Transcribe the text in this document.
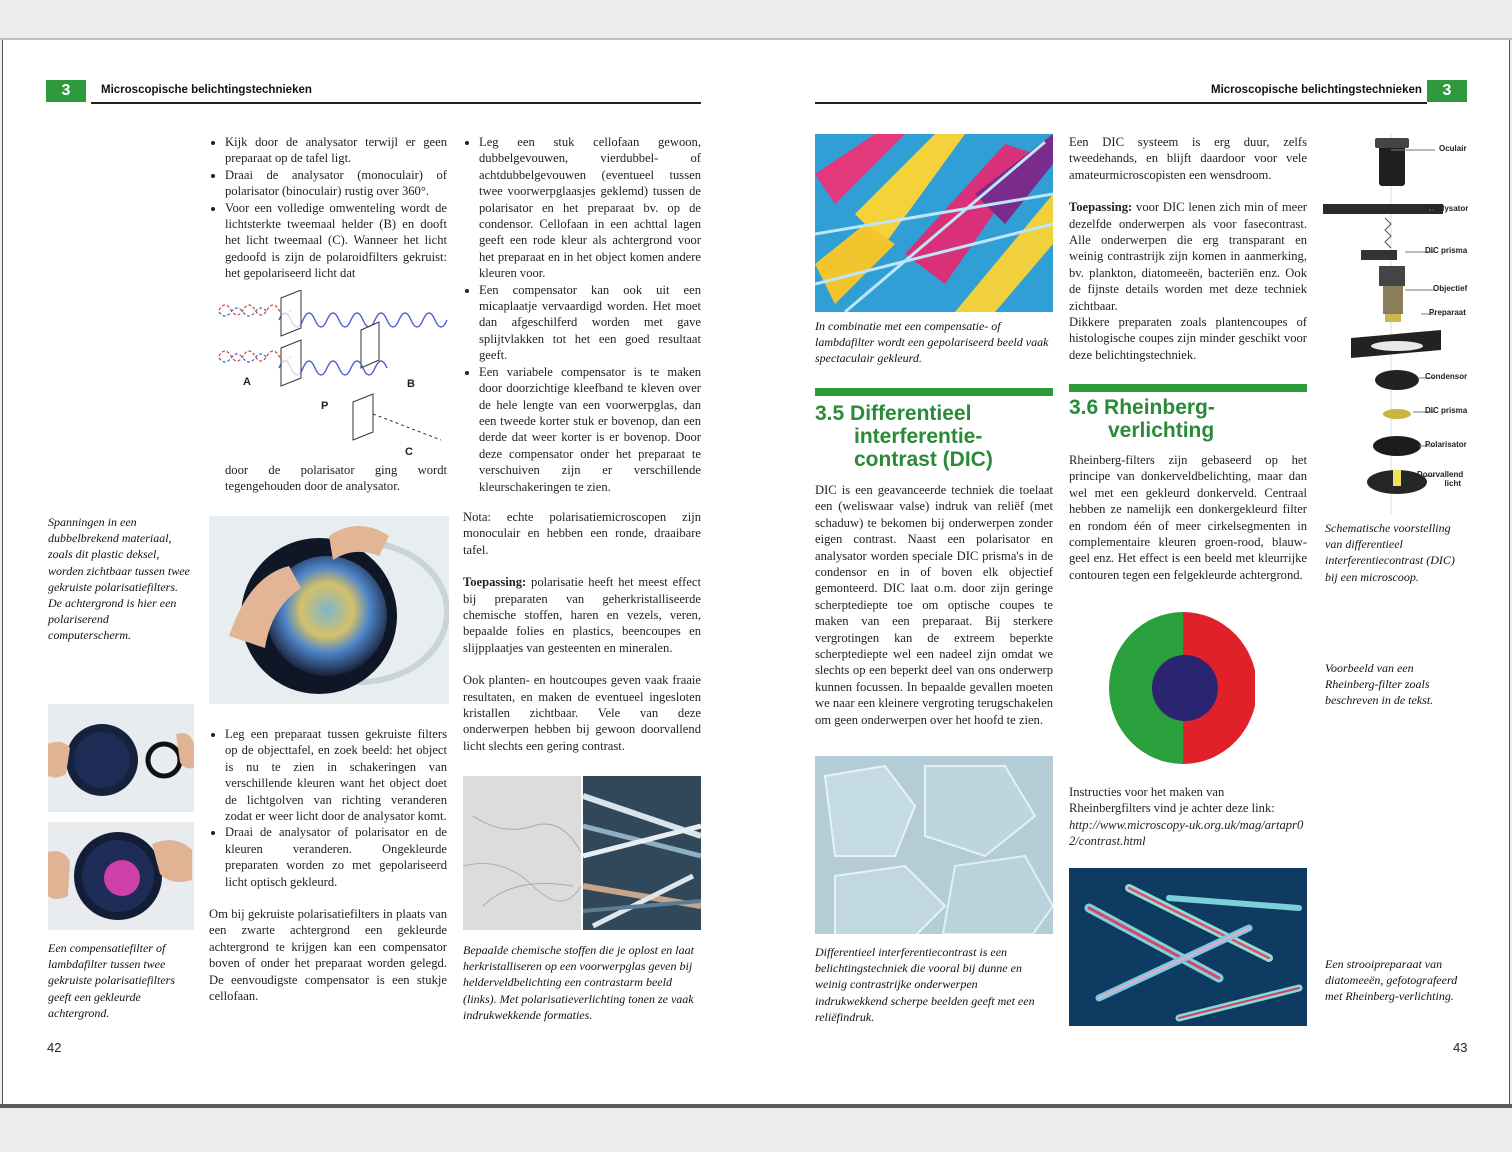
3	Microscopische belichtingstechnieken
• Kijk door de analysator terwijl er geen preparaat op de tafel ligt.
• Draai de analysator (monoculair) of polarisator (binoculair) rustig over 360°.
• Voor een volledige omwenteling wordt de lichtsterkte tweemaal helder (B) en dooft het licht tweemaal (C). Wanneer het licht gedoofd is zijn de polaroidfilters gekruist: het gepolariseerd licht dat
A
P
B
C
door de polarisator ging wordt tegengehouden door de analysator.
Spanningen in een dubbelbrekend materiaal, zoals dit plastic deksel, worden zichtbaar tussen twee gekruiste polarisatiefilters. De achtergrond is hier een polariserend computerscherm.
Een compensatiefilter of lambdafilter tussen twee gekruiste polarisatiefilters geeft een gekleurde achtergrond.
• Leg een preparaat tussen gekruiste filters op de objecttafel, en zoek beeld: het object is nu te zien in schakeringen van verschillende kleuren want het object doet de lichtgolven van richting veranderen zodat er weer licht door de analysator komt.
• Draai de analysator of polarisator en de kleuren veranderen. Ongekleurde preparaten worden zo met gepolariseerd licht optisch gekleurd.

Om bij gekruiste polarisatiefilters in plaats van een zwarte achtergrond een gekleurde achtergrond te krijgen kan een compensator boven of onder het preparaat worden gelegd. De eenvoudigste compensator is een stukje cellofaan.

• Leg een stuk cellofaan gewoon, dubbelgevouwen, vierdubbel- of achtdubbelgevouwen (eventueel tussen twee voorwerpglaasjes geklemd) tussen de polarisator en het preparaat bv. op de condensor. Cellofaan in een achttal lagen geeft een rode kleur als achtergrond voor het preparaat en in het object komen andere kleuren voor.
• Een compensator kan ook uit een micaplaatje vervaardigd worden. Het moet dan afgeschilferd worden met gave splijtvlakken tot het een goed resultaat geeft.
• Een variabele compensator is te maken door doorzichtige kleefband te kleven over de hele lengte van een voorwerpglas, dan een tweede korter stuk er bovenop, dan een derde dat weer korter is er bovenop. Door deze compensator onder het preparaat te verschuiven zijn er verschillende kleurschakeringen te zien.

Nota: echte polarisatiemicroscopen zijn monoculair en hebben een ronde, draaibare tafel.

Toepassing: polarisatie heeft het meest effect bij preparaten van geherkristalliseerde chemische stoffen, haren en vezels, veren, bepaalde folies en plastics, beencoupes en slijpplaatjes van gesteenten en mineralen.

Ook planten- en houtcoupes geven vaak fraaie resultaten, en maken de eventueel ingesloten kristallen zichtbaar. Vele van deze onderwerpen hebben bij gewoon doorvallend licht slechts een gering contrast.

Bepaalde chemische stoffen die je oplost en laat herkristalliseren op een voorwerpglas geven bij helderveldbelichting een contrastarm beeld (links). Met polarisatieverlichting tonen ze vaak indrukwekkende formaties.
42
Microscopische belichtingstechnieken	3
In combinatie met een compensatie- of lambdafilter wordt een gepolariseerd beeld vaak spectaculair gekleurd.
3.5 Differentieel
interferentie-
contrast (DIC)
DIC is een geavanceerde techniek die toelaat een (weliswaar valse) indruk van reliëf (met schaduw) te bekomen bij onderwerpen zonder eigen contrast. Naast een polarisator en analysator worden speciale DIC prisma's in de condensor en in of boven elk objectief gemonteerd. DIC laat o.m. door zijn geringe scherptediepte toe om optische coupes te maken van een preparaat. Bij sterkere vergrotingen kan de extreem beperkte scherptediepte wel een nadeel zijn omdat we slechts op een beperkt deel van ons onderwerp kunnen focussen. In bepaalde gevallen moeten we naar een kleinere vergroting terugschakelen om geen onderwerpen over het hoofd te zien.
Differentieel interferentiecontrast is een belichtingstechniek die vooral bij dunne en weinig contrastrijke onderwerpen indrukwekkend scherpe beelden geeft met een reliëfindruk.

Een DIC systeem is erg duur, zelfs tweedehands, en blijft daardoor voor vele amateurmicroscopisten een wensdroom.

Toepassing: voor DIC lenen zich min of meer dezelfde onderwerpen als voor fasecontrast. Alle onderwerpen die erg transparant en weinig contrastrijk zijn komen in aanmerking, bv. plankton, diatomeeën, bacteriën enz. Ook de fijnste details worden met deze techniek zichtbaar.

Dikkere preparaten zoals plantencoupes of histologische coupes zijn minder geschikt voor deze belichtingstechniek.

3.6 Rheinberg-
verlichting
Rheinberg-filters zijn gebaseerd op het principe van donkerveldbelichting, maar dan wel met een gekleurd donkerveld. Centraal hebben ze namelijk een donkergekleurd filter en rondom één of meer cirkelsegmenten in complementaire kleuren groen-rood, blauw-geel enz. Het effect is een beeld met kleurrijke contouren tegen een felgekleurde achtergrond.
Instructies voor het maken van Rheinbergfilters vind je achter deze link:
http://www.microscopy-uk.org.uk/mag/artapr02/contrast.html
Oculair
Analysator
DIC prisma
Objectief
Preparaat
Condensor
DIC prisma
Polarisator
Doorvallend licht
Schematische voorstelling van differentieel interferentiecontrast (DIC) bij een microscoop.
Voorbeeld van een Rheinberg-filter zoals beschreven in de tekst.
Een strooipreparaat van diatomeeën, gefotografeerd met Rheinberg-verlichting.
43
